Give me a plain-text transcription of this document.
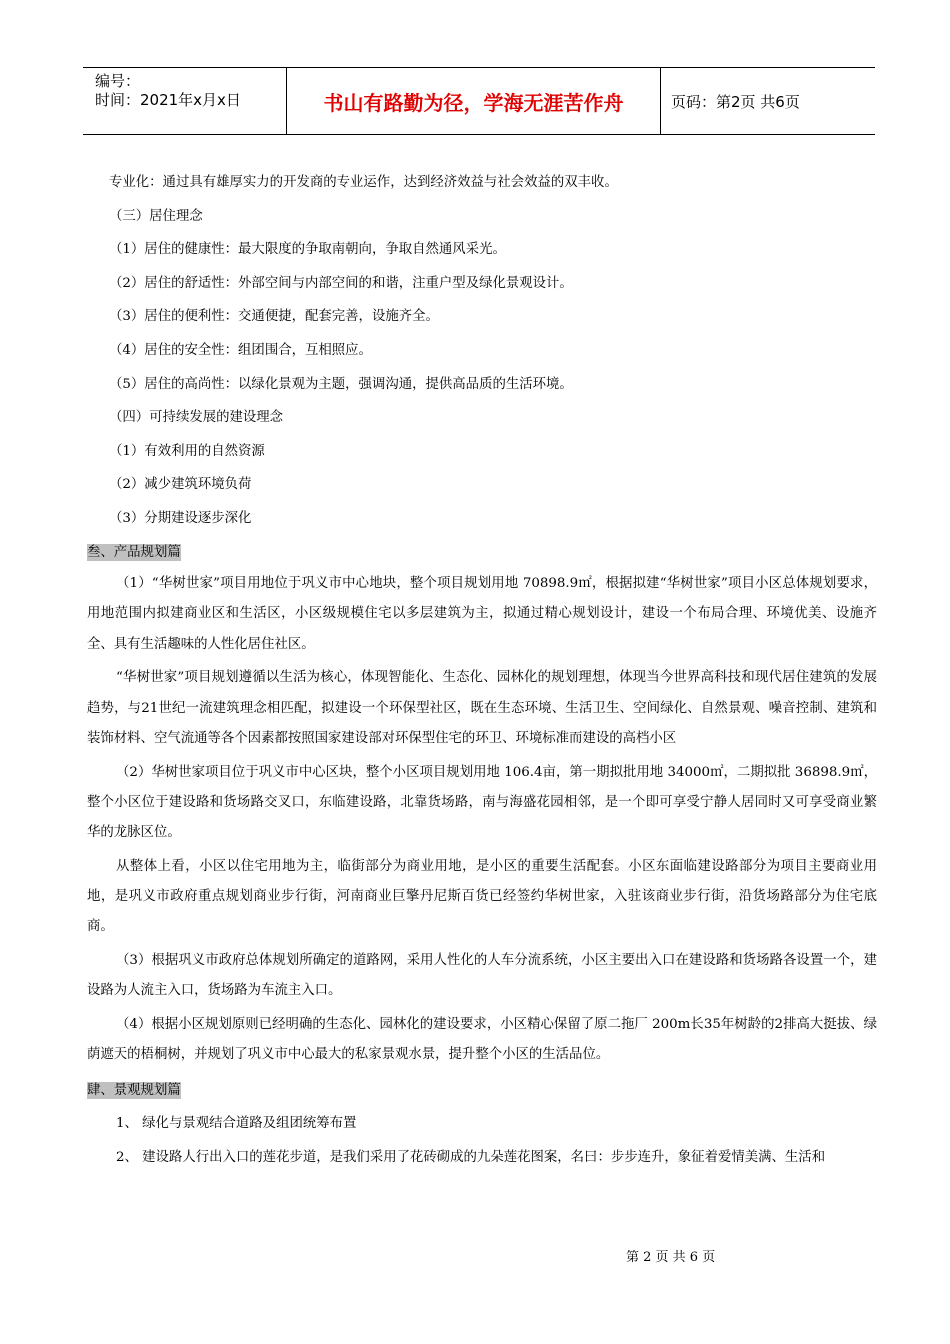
编号：
时间：2021年x月x日	书山有路勤为径，学海无涯苦作舟	页码：第2页 共6页

专业化：通过具有雄厚实力的开发商的专业运作，达到经济效益与社会效益的双丰收。

（三）居住理念

（1）居住的健康性：最大限度的争取南朝向，争取自然通风采光。

（2）居住的舒适性：外部空间与内部空间的和谐，注重户型及绿化景观设计。

（3）居住的便利性：交通便捷，配套完善，设施齐全。

（4）居住的安全性：组团围合，互相照应。

（5）居住的高尚性：以绿化景观为主题，强调沟通，提供高品质的生活环境。

（四）可持续发展的建设理念

（1）有效利用的自然资源

（2）减少建筑环境负荷

（3）分期建设逐步深化

叁、产品规划篇

（1）“华树世家”项目用地位于巩义市中心地块，整个项目规划用地 70898.9㎡，根据拟建“华树世家”项目小区总体规划要求，用地范围内拟建商业区和生活区，小区级规模住宅以多层建筑为主，拟通过精心规划设计，建设一个布局合理、环境优美、设施齐全、具有生活趣味的人性化居住社区。

“华树世家”项目规划遵循以生活为核心，体现智能化、生态化、园林化的规划理想，体现当今世界高科技和现代居住建筑的发展趋势，与21世纪一流建筑理念相匹配，拟建设一个环保型社区，既在生态环境、生活卫生、空间绿化、自然景观、噪音控制、建筑和装饰材料、空气流通等各个因素都按照国家建设部对环保型住宅的环卫、环境标准而建设的高档小区

（2）华树世家项目位于巩义市中心区块，整个小区项目规划用地 106.4亩，第一期拟批用地 34000㎡，二期拟批 36898.9㎡，整个小区位于建设路和货场路交叉口，东临建设路，北靠货场路，南与海盛花园相邻，是一个即可享受宁静人居同时又可享受商业繁华的龙脉区位。

从整体上看，小区以住宅用地为主，临街部分为商业用地，是小区的重要生活配套。小区东面临建设路部分为项目主要商业用地，是巩义市政府重点规划商业步行街，河南商业巨擎丹尼斯百货已经签约华树世家，入驻该商业步行街，沿货场路部分为住宅底商。

（3）根据巩义市政府总体规划所确定的道路网，采用人性化的人车分流系统，小区主要出入口在建设路和货场路各设置一个，建设路为人流主入口，货场路为车流主入口。

（4）根据小区规划原则已经明确的生态化、园林化的建设要求，小区精心保留了原二拖厂 200m长35年树龄的2排高大挺拔、绿荫遮天的梧桐树，并规划了巩义市中心最大的私家景观水景，提升整个小区的生活品位。

肆、景观规划篇

1、 绿化与景观结合道路及组团统筹布置

2、 建设路人行出入口的莲花步道，是我们采用了花砖砌成的九朵莲花图案，名曰：步步连升，象征着爱情美满、生活和

第 2 页 共 6 页
